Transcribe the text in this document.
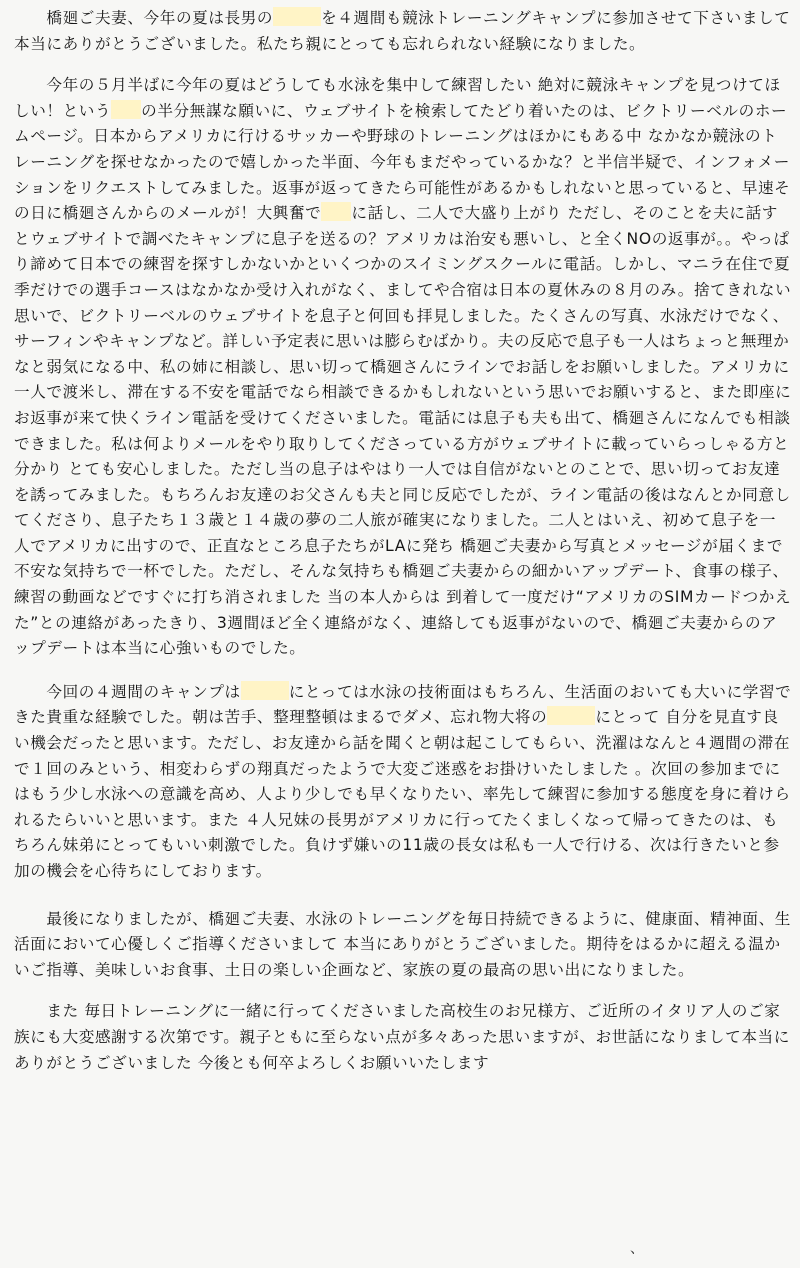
　　橋廻ご夫妻、今年の夏は長男の	を４週間も競泳トレーニングキャンプに参加させて下さいまして 本当にありがとうございました。私たち親にとっても忘れられない経験になりました。

　　今年の５月半ばに今年の夏はどうしても水泳を集中して練習したい 絶対に競泳キャンプを見つけてほしい！という の半分無謀な願いに、ウェブサイトを検索してたどり着いたのは、ビクトリーベルのホームページ。日本からアメリカに行けるサッカーや野球のトレーニングはほかにもある中 なかなか競泳のトレーニングを探せなかったので嬉しかった半面、今年もまだやっているかな？と半信半疑で、インフォメーションをリクエストしてみました。返事が返ってきたら可能性があるかもしれないと思っていると、早速その日に橋廻さんからのメールが！大興奮で に話し、二人で大盛り上がり ただし、そのことを夫に話すとウェブサイトで調べたキャンプに息子を送るの？アメリカは治安も悪いし、と全くNOの返事が。。やっぱり諦めて日本での練習を探すしかないかといくつかのスイミングスクールに電話。しかし、マニラ在住で夏季だけでの選手コースはなかなか受け入れがなく、ましてや合宿は日本の夏休みの８月のみ。捨てきれない思いで、ビクトリーベルのウェブサイトを息子と何回も拝見しました。たくさんの写真、水泳だけでなく、サーフィンやキャンプなど。詳しい予定表に思いは膨らむばかり。夫の反応で息子も一人はちょっと無理かなと弱気になる中、私の姉に相談し、思い切って橋廻さんにラインでお話しをお願いしました。アメリカに一人で渡米し、滞在する不安を電話でなら相談できるかもしれないという思いでお願いすると、また即座にお返事が来て快くライン電話を受けてくださいました。電話には息子も夫も出て、橋廻さんになんでも相談できました。私は何よりメールをやり取りしてくださっている方がウェブサイトに載っていらっしゃる方と分かり とても安心しました。ただし当の息子はやはり一人では自信がないとのことで、思い切ってお友達を誘ってみました。もちろんお友達のお父さんも夫と同じ反応でしたが、ライン電話の後はなんとか同意してくださり、息子たち１３歳と１４歳の夢の二人旅が確実になりました。二人とはいえ、初めて息子を一人でアメリカに出すので、正直なところ息子たちがLAに発ち 橋廻ご夫妻から写真とメッセージが届くまで不安な気持ちで一杯でした。ただし、そんな気持ちも橋廻ご夫妻からの細かいアップデート、食事の様子、練習の動画などですぐに打ち消されました 当の本人からは 到着して一度だけ“アメリカのSIMカードつかえた”との連絡があったきり、3週間ほど全く連絡がなく、連絡しても返事がないので、橋廻ご夫妻からのアップデートは本当に心強いものでした。

　　今回の４週間のキャンプは	にとっては水泳の技術面はもちろん、生活面のおいても大いに学習できた貴重な経験でした。朝は苦手、整理整頓はまるでダメ、忘れ物大将の	にとって 自分を見直す良い機会だったと思います。ただし、お友達から話を聞くと朝は起こしてもらい、洗濯はなんと４週間の滞在で１回のみという、相変わらずの翔真だったようで大変ご迷惑をお掛けいたしました 。次回の参加までにはもう少し水泳への意識を高め、人より少しでも早くなりたい、率先して練習に参加する態度を身に着けられるたらいいと思います。また ４人兄妹の長男がアメリカに行ってたくましくなって帰ってきたのは、もちろん妹弟にとってもいい刺激でした。負けず嫌いの11歳の長女は私も一人で行ける、次は行きたいと参加の機会を心待ちにしております。

　　最後になりましたが、橋廻ご夫妻、水泳のトレーニングを毎日持続できるように、健康面、精神面、生活面において心優しくご指導くださいまして 本当にありがとうございました。期待をはるかに超える温かいご指導、美味しいお食事、土日の楽しい企画など、家族の夏の最高の思い出になりました。

　　また 毎日トレーニングに一緒に行ってくださいました高校生のお兄様方、ご近所のイタリア人のご家族にも大変感謝する次第です。親子ともに至らない点が多々あった思いますが、お世話になりまして本当にありがとうございました 今後とも何卒よろしくお願いいたします

、
